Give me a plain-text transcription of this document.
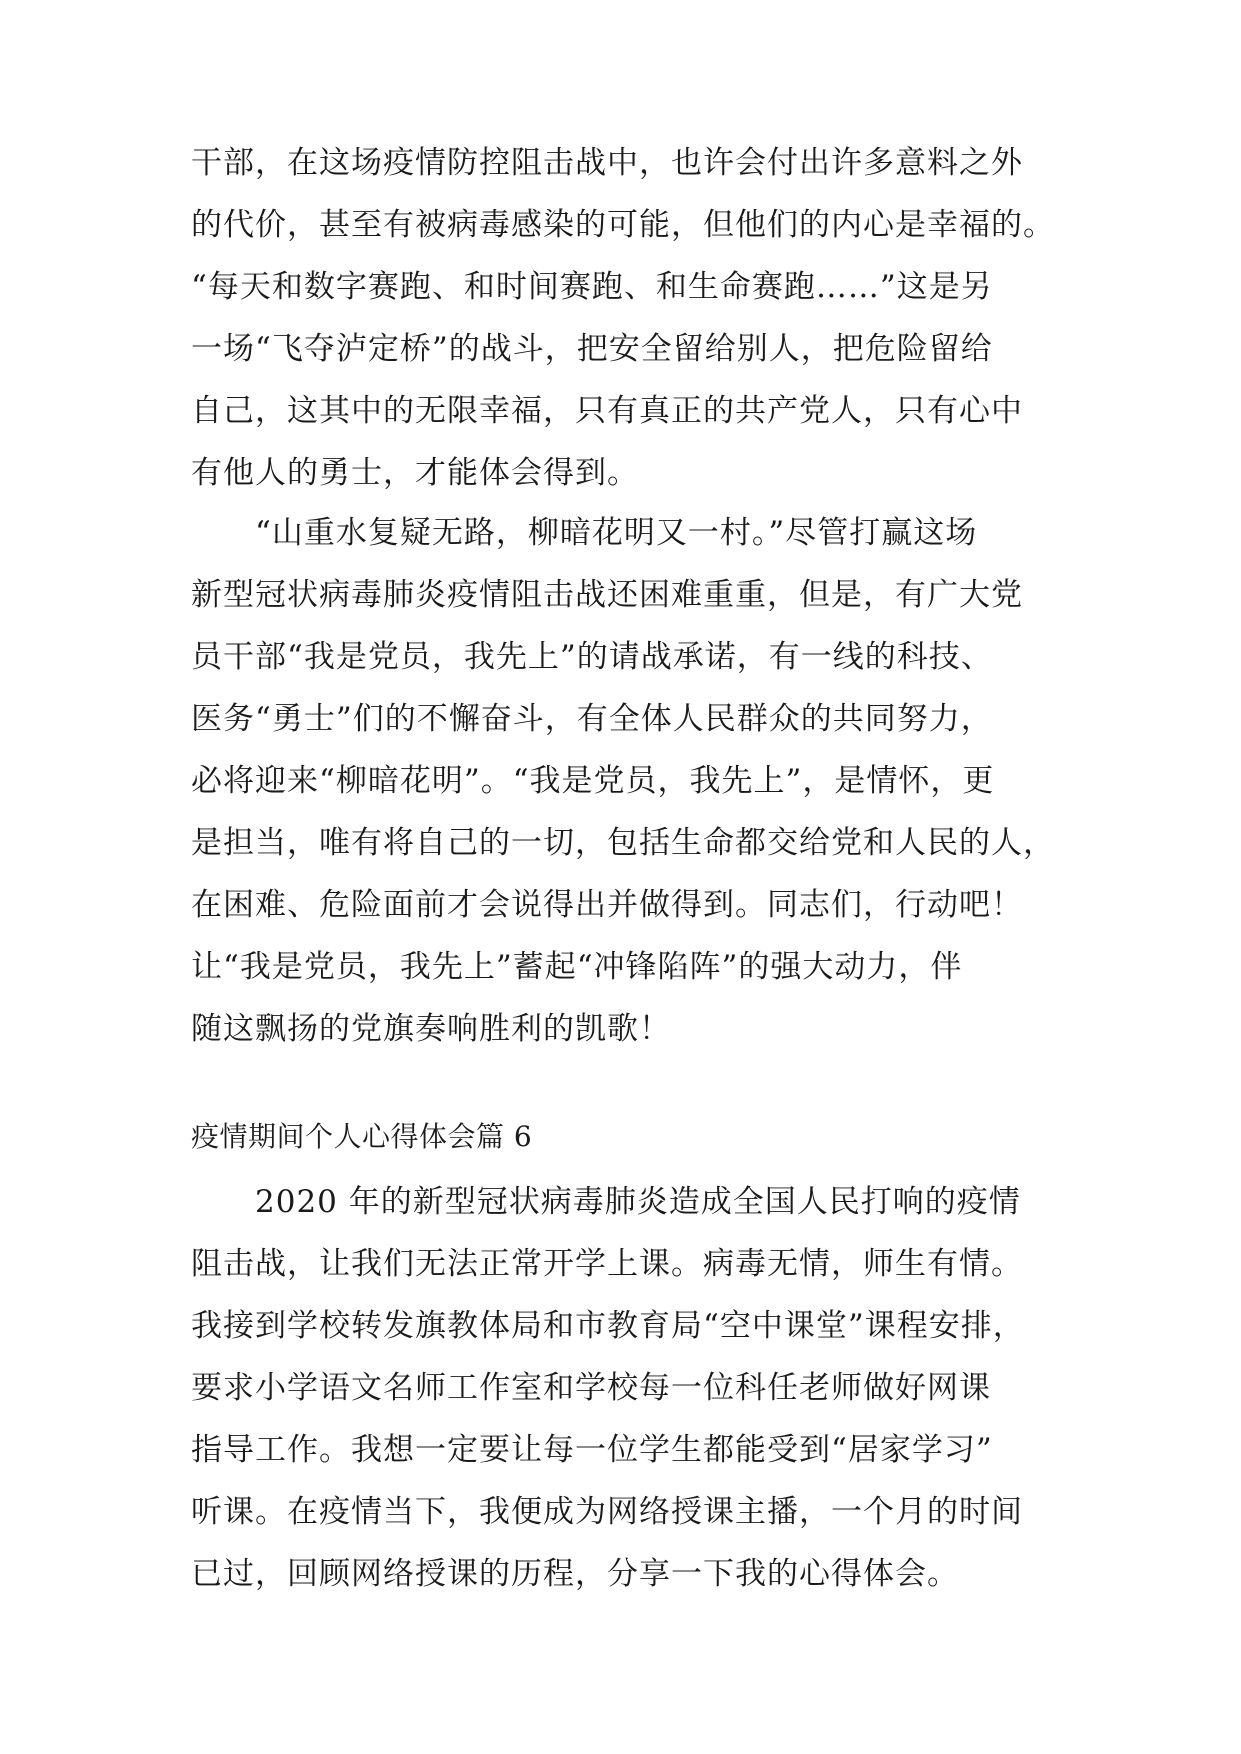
干部，在这场疫情防控阻击战中，也许会付出许多意料之外
的代价，甚至有被病毒感染的可能，但他们的内心是幸福的。
“每天和数字赛跑、和时间赛跑、和生命赛跑……”这是另
一场“飞夺泸定桥”的战斗，把安全留给别人，把危险留给
自己，这其中的无限幸福，只有真正的共产党人，只有心中
有他人的勇士，才能体会得到。
　　“山重水复疑无路，柳暗花明又一村。”尽管打赢这场
新型冠状病毒肺炎疫情阻击战还困难重重，但是，有广大党
员干部“我是党员，我先上”的请战承诺，有一线的科技、
医务“勇士”们的不懈奋斗，有全体人民群众的共同努力，
必将迎来“柳暗花明”。“我是党员，我先上”，是情怀，更
是担当，唯有将自己的一切，包括生命都交给党和人民的人，
在困难、危险面前才会说得出并做得到。同志们，行动吧！
让“我是党员，我先上”蓄起“冲锋陷阵”的强大动力，伴
随这飘扬的党旗奏响胜利的凯歌！
疫情期间个人心得体会篇 6
　　2020 年的新型冠状病毒肺炎造成全国人民打响的疫情
阻击战，让我们无法正常开学上课。病毒无情，师生有情。
我接到学校转发旗教体局和市教育局“空中课堂”课程安排，
要求小学语文名师工作室和学校每一位科任老师做好网课
指导工作。我想一定要让每一位学生都能受到“居家学习”
听课。在疫情当下，我便成为网络授课主播，一个月的时间
已过，回顾网络授课的历程，分享一下我的心得体会。
